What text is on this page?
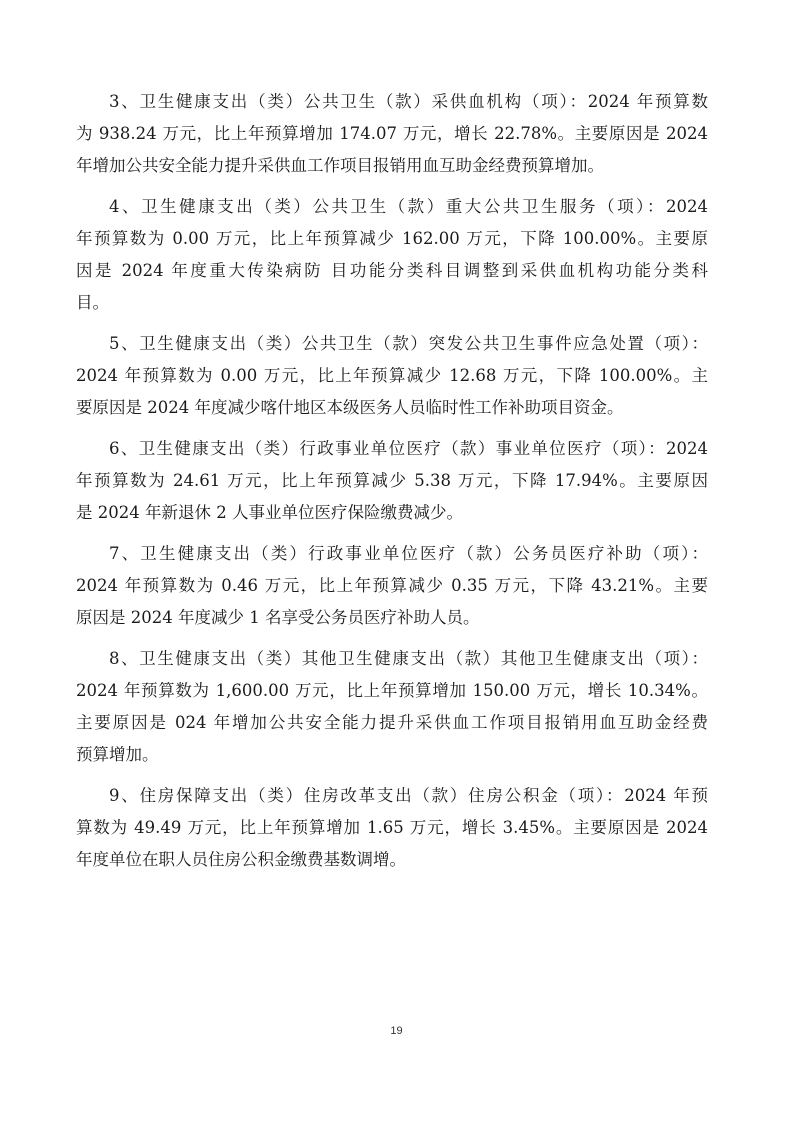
3、卫生健康支出（类）公共卫生（款）采供血机构（项）：2024 年预算数
为 938.24 万元，比上年预算增加 174.07 万元，增长 22.78%。主要原因是 2024
年增加公共安全能力提升采供血工作项目报销用血互助金经费预算增加。

4、卫生健康支出（类）公共卫生（款）重大公共卫生服务（项）：2024
年预算数为 0.00 万元，比上年预算减少 162.00 万元，下降 100.00%。主要原
因是 2024 年度重大传染病防 目功能分类科目调整到采供血机构功能分类科
目。

5、卫生健康支出（类）公共卫生（款）突发公共卫生事件应急处置（项）：
2024 年预算数为 0.00 万元，比上年预算减少 12.68 万元，下降 100.00%。主
要原因是 2024 年度减少喀什地区本级医务人员临时性工作补助项目资金。

6、卫生健康支出（类）行政事业单位医疗（款）事业单位医疗（项）：2024
年预算数为 24.61 万元，比上年预算减少 5.38 万元，下降 17.94%。主要原因
是 2024 年新退休 2 人事业单位医疗保险缴费减少。

7、卫生健康支出（类）行政事业单位医疗（款）公务员医疗补助（项）：
2024 年预算数为 0.46 万元，比上年预算减少 0.35 万元，下降 43.21%。主要
原因是 2024 年度减少 1 名享受公务员医疗补助人员。

8、卫生健康支出（类）其他卫生健康支出（款）其他卫生健康支出（项）：
2024 年预算数为 1,600.00 万元，比上年预算增加 150.00 万元，增长 10.34%。
主要原因是 024 年增加公共安全能力提升采供血工作项目报销用血互助金经费
预算增加。

9、住房保障支出（类）住房改革支出（款）住房公积金（项）：2024 年预
算数为 49.49 万元，比上年预算增加 1.65 万元，增长 3.45%。主要原因是 2024
年度单位在职人员住房公积金缴费基数调增。

19
